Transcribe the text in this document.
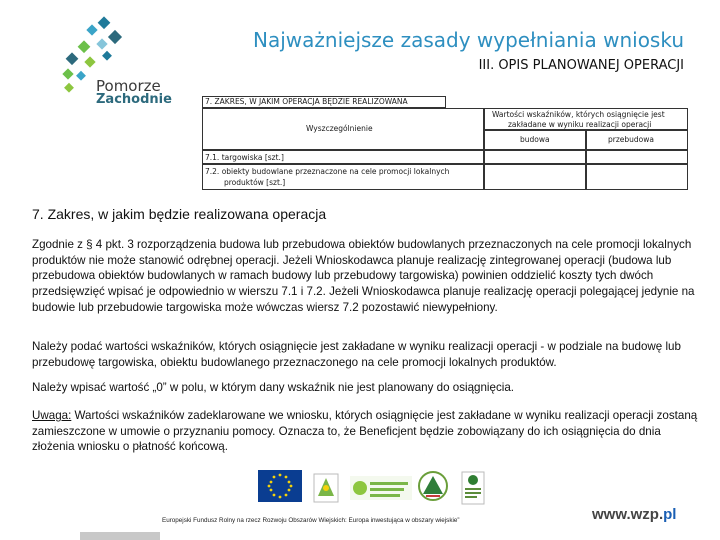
Pomorze
Zachodnie
Najważniejsze zasady wypełniania wniosku
III. OPIS PLANOWANEJ OPERACJI
7. ZAKRES, W JAKIM OPERACJA BĘDZIE REALIZOWANA
Wyszczególnienie
Wartości wskaźników, których osiągnięcie jest
zakładane w wyniku realizacji operacji
budowa	przebudowa
7.1. targowiska [szt.]
7.2. obiekty budowlane przeznaczone na cele promocji lokalnych
produktów [szt.]
7. Zakres, w jakim będzie realizowana operacja

Zgodnie z § 4 pkt. 3 rozporządzenia budowa lub przebudowa obiektów budowlanych przeznaczonych na cele promocji lokalnych produktów nie może stanowić odrębnej operacji. Jeżeli Wnioskodawca planuje realizację zintegrowanej operacji (budowa lub przebudowa obiektów budowlanych w ramach budowy lub przebudowy targowiska) powinien oddzielić koszty tych dwóch przedsięwzięć wpisać je odpowiednio w wierszu 7.1 i 7.2. Jeżeli Wnioskodawca planuje realizację operacji polegającej jedynie na budowie lub przebudowie targowiska może wówczas wiersz 7.2 pozostawić niewypełniony.

Należy podać wartości wskaźników, których osiągnięcie jest zakładane w wyniku realizacji operacji - w podziale na budowę lub przebudowę targowiska, obiektu budowlanego przeznaczonego na cele promocji lokalnych produktów.

Należy wpisać wartość „0” w polu, w którym dany wskaźnik nie jest planowany do osiągnięcia.

Uwaga: Wartości wskaźników zadeklarowane we wniosku, których osiągnięcie jest zakładane w wyniku realizacji operacji zostaną zamieszczone w umowie o przyznaniu pomocy. Oznacza to, że Beneficjent będzie zobowiązany do ich osiągnięcia do dnia złożenia wniosku o płatność końcową.

Europejski Fundusz Rolny na rzecz Rozwoju Obszarów Wiejskich: Europa inwestująca w obszary wiejskie”	www.wzp.pl
